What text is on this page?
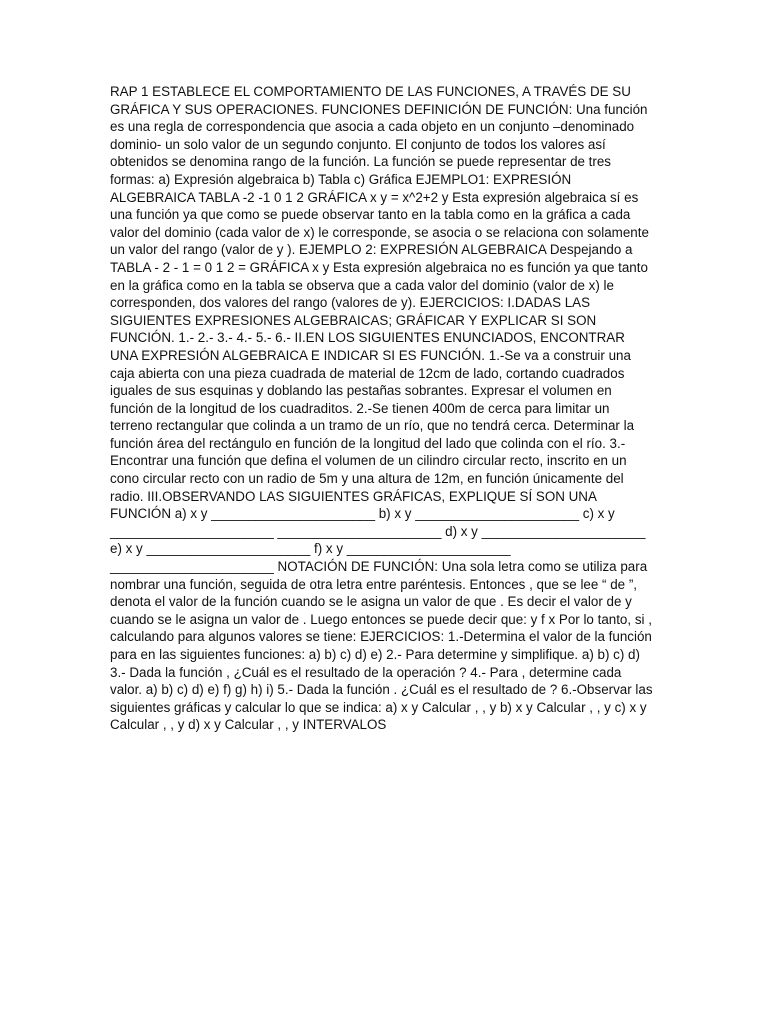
RAP 1 ESTABLECE EL COMPORTAMIENTO DE LAS FUNCIONES, A TRAVÉS DE SU GRÁFICA Y SUS OPERACIONES. FUNCIONES DEFINICIÓN DE FUNCIÓN: Una función es una regla de correspondencia que asocia a cada objeto en un conjunto –denominado dominio- un solo valor de un segundo conjunto. El conjunto de todos los valores así obtenidos se denomina rango de la función. La función se puede representar de tres formas: a) Expresión algebraica b) Tabla c) Gráfica EJEMPLO1: EXPRESIÓN ALGEBRAICA TABLA -2 -1 0 1 2 GRÁFICA x y = x^2+2 y Esta expresión algebraica sí es una función ya que como se puede observar tanto en la tabla como en la gráfica a cada valor del dominio (cada valor de x) le corresponde, se asocia o se relaciona con solamente un valor del rango (valor de y ). EJEMPLO 2: EXPRESIÓN ALGEBRAICA Despejando a TABLA - 2 - 1 = 0 1 2 = GRÁFICA x y Esta expresión algebraica no es función ya que tanto en la gráfica como en la tabla se observa que a cada valor del dominio (valor de x) le corresponden, dos valores del rango (valores de y). EJERCICIOS: I.DADAS LAS SIGUIENTES EXPRESIONES ALGEBRAICAS; GRÁFICAR Y EXPLICAR SI SON FUNCIÓN. 1.- 2.- 3.- 4.- 5.- 6.- II.EN LOS SIGUIENTES ENUNCIADOS, ENCONTRAR UNA EXPRESIÓN ALGEBRAICA E INDICAR SI ES FUNCIÓN. 1.-Se va a construir una caja abierta con una pieza cuadrada de material de 12cm de lado, cortando cuadrados iguales de sus esquinas y doblando las pestañas sobrantes. Expresar el volumen en función de la longitud de los cuadraditos. 2.-Se tienen 400m de cerca para limitar un terreno rectangular que colinda a un tramo de un río, que no tendrá cerca. Determinar la función área del rectángulo en función de la longitud del lado que colinda con el río. 3.-Encontrar una función que defina el volumen de un cilindro circular recto, inscrito en un cono circular recto con un radio de 5m y una altura de 12m, en función únicamente del radio. III.OBSERVANDO LAS SIGUIENTES GRÁFICAS, EXPLIQUE SÍ SON UNA FUNCIÓN a) x y ______________________ b) x y ______________________ c) x y ______________________ ______________________ d) x y ______________________ e) x y ______________________ f) x y ______________________ ______________________ NOTACIÓN DE FUNCIÓN: Una sola letra como se utiliza para nombrar una función, seguida de otra letra entre paréntesis. Entonces , que se lee “ de ”, denota el valor de la función cuando se le asigna un valor de que . Es decir el valor de y cuando se le asigna un valor de . Luego entonces se puede decir que: y f x Por lo tanto, si , calculando para algunos valores se tiene: EJERCICIOS: 1.-Determina el valor de la función para en las siguientes funciones: a) b) c) d) e) 2.- Para determine y simplifique. a) b) c) d) 3.- Dada la función , ¿Cuál es el resultado de la operación ? 4.- Para , determine cada valor. a) b) c) d) e) f) g) h) i) 5.- Dada la función . ¿Cuál es el resultado de ? 6.-Observar las siguientes gráficas y calcular lo que se indica: a) x y Calcular , , y b) x y Calcular , , y c) x y Calcular , , y d) x y Calcular , , y INTERVALOS
